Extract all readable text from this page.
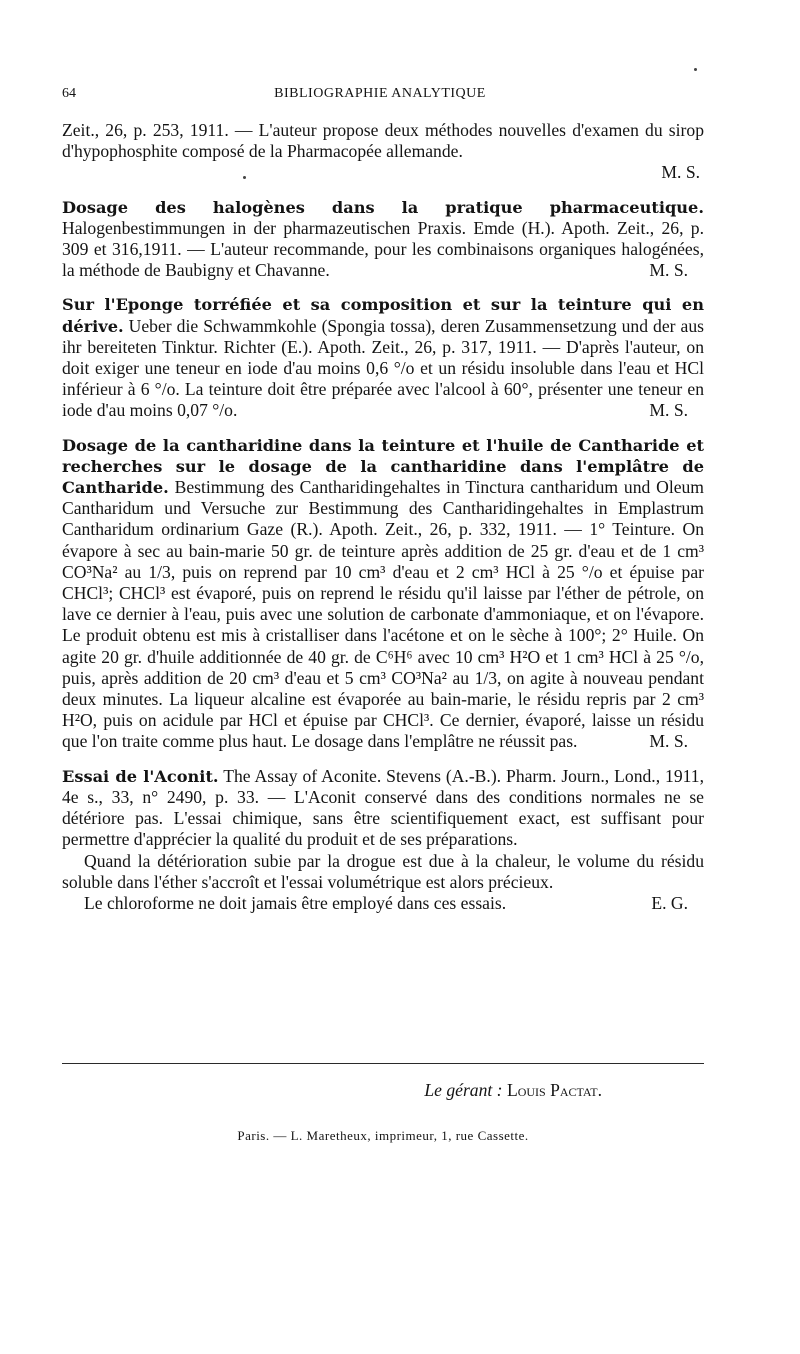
64	BIBLIOGRAPHIE ANALYTIQUE

Zeit., 26, p. 253, 1911. — L'auteur propose deux méthodes nouvelles d'examen du sirop d'hypophosphite composé de la Pharmacopée allemande.

M. S.

Dosage des halogènes dans la pratique pharmaceutique. Halogenbestimmungen in der pharmazeutischen Praxis. Emde (H.). Apoth. Zeit., 26, p. 309 et 316,1911. — L'auteur recommande, pour les combinaisons organiques halogénées, la méthode de Baubigny et Chavanne.	M. S.

Sur l'Eponge torréfiée et sa composition et sur la teinture qui en dérive. Ueber die Schwammkohle (Spongia tossa), deren Zusammensetzung und der aus ihr bereiteten Tinktur. Richter (E.). Apoth. Zeit., 26, p. 317, 1911. — D'après l'auteur, on doit exiger une teneur en iode d'au moins 0,6 °/o et un résidu insoluble dans l'eau et HCl inférieur à 6 °/o. La teinture doit être préparée avec l'alcool à 60°, présenter une teneur en iode d'au moins 0,07 °/o.	M. S.

Dosage de la cantharidine dans la teinture et l'huile de Cantharide et recherches sur le dosage de la cantharidine dans l'emplâtre de Cantharide. Bestimmung des Cantharidingehaltes in Tinctura cantharidum und Oleum Cantharidum und Versuche zur Bestimmung des Cantharidingehaltes in Emplastrum Cantharidum ordinarium Gaze (R.). Apoth. Zeit., 26, p. 332, 1911. — 1° Teinture. On évapore à sec au bain-marie 50 gr. de teinture après addition de 25 gr. d'eau et de 1 cm³ CO³Na² au 1/3, puis on reprend par 10 cm³ d'eau et 2 cm³ HCl à 25 °/o et épuise par CHCl³; CHCl³ est évaporé, puis on reprend le résidu qu'il laisse par l'éther de pétrole, on lave ce dernier à l'eau, puis avec une solution de carbonate d'ammoniaque, et on l'évapore. Le produit obtenu est mis à cristalliser dans l'acétone et on le sèche à 100°; 2° Huile. On agite 20 gr. d'huile additionnée de 40 gr. de C⁶H⁶ avec 10 cm³ H²O et 1 cm³ HCl à 25 °/o, puis, après addition de 20 cm³ d'eau et 5 cm³ CO³Na² au 1/3, on agite à nouveau pendant deux minutes. La liqueur alcaline est évaporée au bain-marie, le résidu repris par 2 cm³ H²O, puis on acidule par HCl et épuise par CHCl³. Ce dernier, évaporé, laisse un résidu que l'on traite comme plus haut. Le dosage dans l'emplâtre ne réussit pas.	M. S.

Essai de l'Aconit. The Assay of Aconite. Stevens (A.-B.). Pharm. Journ., Lond., 1911, 4e s., 33, n° 2490, p. 33. — L'Aconit conservé dans des conditions normales ne se détériore pas. L'essai chimique, sans être scientifiquement exact, est suffisant pour permettre d'apprécier la qualité du produit et de ses préparations.

Quand la détérioration subie par la drogue est due à la chaleur, le volume du résidu soluble dans l'éther s'accroît et l'essai volumétrique est alors précieux.

Le chloroforme ne doit jamais être employé dans ces essais.	E. G.

Le gérant : Louis Pactat.
Paris. — L. Maretheux, imprimeur, 1, rue Cassette.
